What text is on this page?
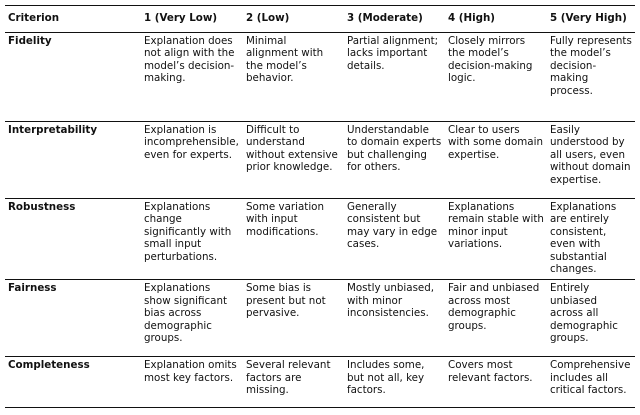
Criterion	1 (Very Low)	2 (Low)	3 (Moderate)	4 (High)	5 (Very High)
Fidelity	Explanation does not align with the model’s decision-making.	Minimal alignment with the model’s behavior.	Partial alignment; lacks important details.	Closely mirrors the model’s decision-making logic.	Fully represents the model’s decision-making process.
Interpretability	Explanation is incomprehensible, even for experts.	Difficult to understand without extensive prior knowledge.	Understandable to domain experts but challenging for others.	Clear to users with some domain expertise.	Easily understood by all users, even without domain expertise.
Robustness	Explanations change significantly with small input perturbations.	Some variation with input modifications.	Generally consistent but may vary in edge cases.	Explanations remain stable with minor input variations.	Explanations are entirely consistent, even with substantial changes.
Fairness	Explanations show significant bias across demographic groups.	Some bias is present but not pervasive.	Mostly unbiased, with minor inconsistencies.	Fair and unbiased across most demographic groups.	Entirely unbiased across all demographic groups.
Completeness	Explanation omits most key factors.	Several relevant factors are missing.	Includes some, but not all, key factors.	Covers most relevant factors.	Comprehensive includes all critical factors.
